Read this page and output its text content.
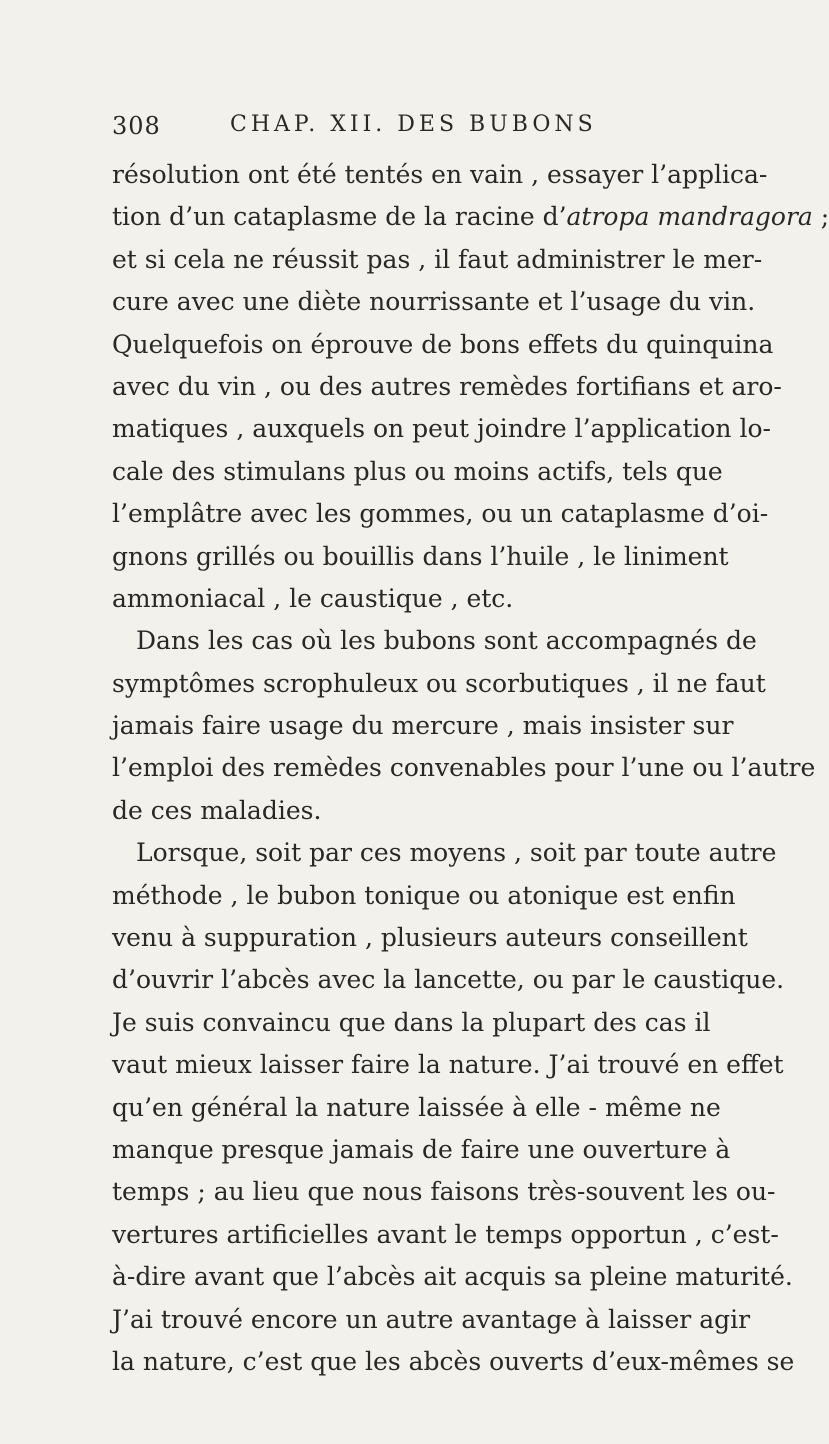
308	CHAP. XII. DES BUBONS
résolution ont été tentés en vain , essayer l’applica-
tion d’un cataplasme de la racine d’atropa mandragora ;
et si cela ne réussit pas , il faut administrer le mer-
cure avec une diète nourrissante et l’usage du vin.
Quelquefois on éprouve de bons effets du quinquina
avec du vin , ou des autres remèdes fortifians et aro-
matiques , auxquels on peut joindre l’application lo-
cale des stimulans plus ou moins actifs, tels que
l’emplâtre avec les gommes, ou un cataplasme d’oi-
gnons grillés ou bouillis dans l’huile , le liniment
ammoniacal , le caustique , etc.
Dans les cas où les bubons sont accompagnés de
symptômes scrophuleux ou scorbutiques , il ne faut
jamais faire usage du mercure , mais insister sur
l’emploi des remèdes convenables pour l’une ou l’autre
de ces maladies.
Lorsque, soit par ces moyens , soit par toute autre
méthode , le bubon tonique ou atonique est enfin
venu à suppuration , plusieurs auteurs conseillent
d’ouvrir l’abcès avec la lancette, ou par le caustique.
Je suis convaincu que dans la plupart des cas il
vaut mieux laisser faire la nature. J’ai trouvé en effet
qu’en général la nature laissée à elle - même ne
manque presque jamais de faire une ouverture à
temps ; au lieu que nous faisons très-souvent les ou-
vertures artificielles avant le temps opportun , c’est-
à-dire avant que l’abcès ait acquis sa pleine maturité.
J’ai trouvé encore un autre avantage à laisser agir
la nature, c’est que les abcès ouverts d’eux-mêmes se
